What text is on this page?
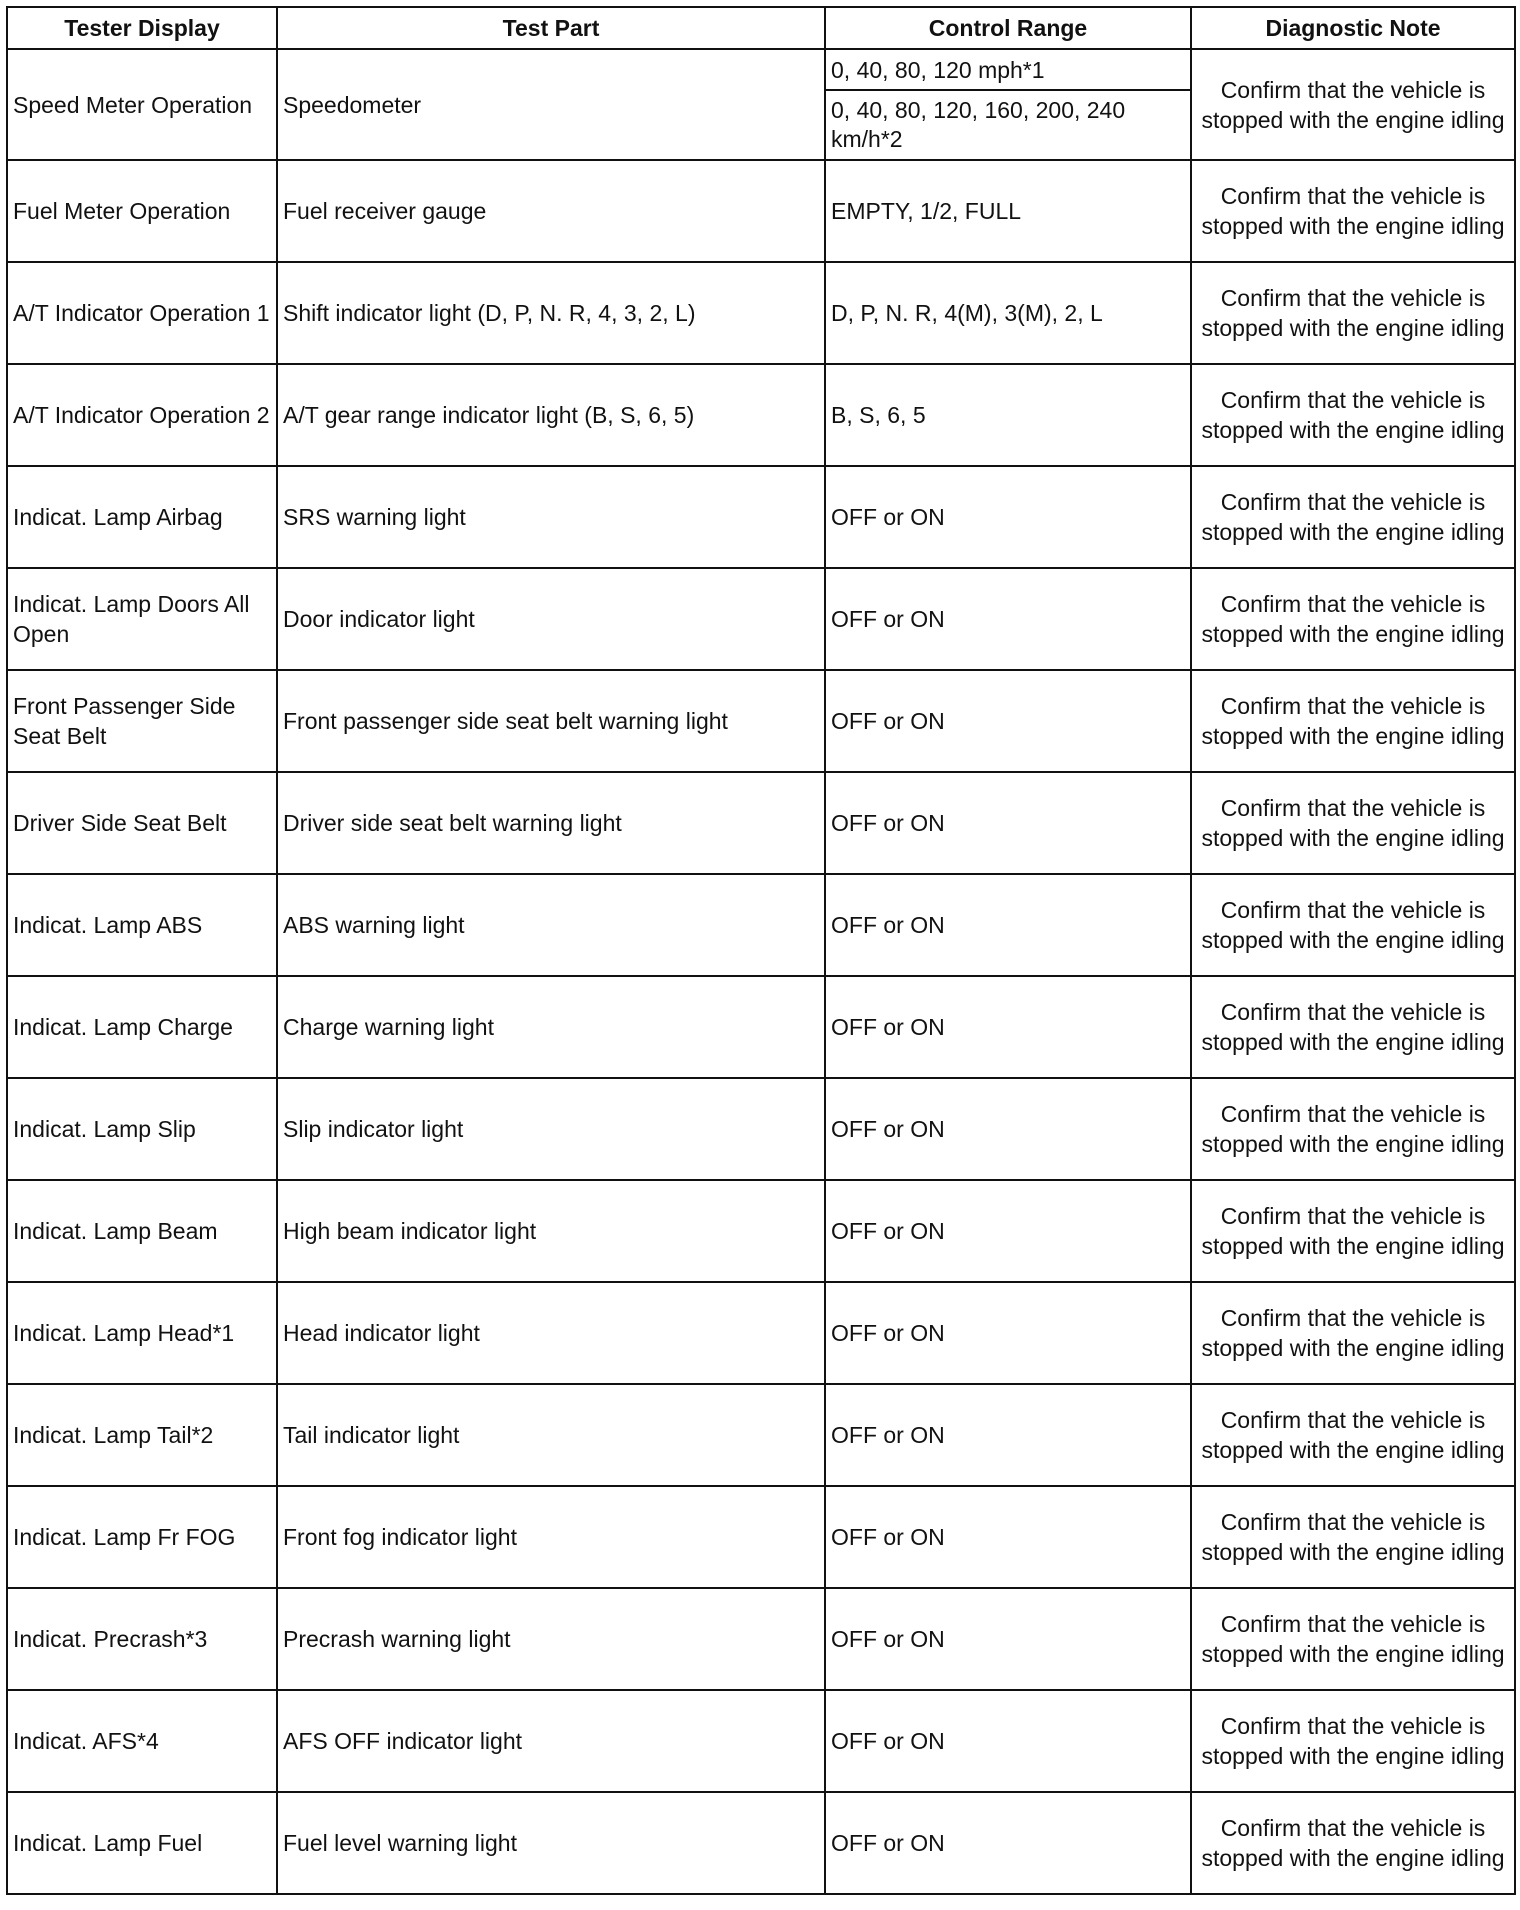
Tester Display	Test Part	Control Range	Diagnostic Note
Speed Meter Operation	Speedometer	0, 40, 80, 120 mph*1	Confirm that the vehicle is stopped with the engine idling
		0, 40, 80, 120, 160, 200, 240 km/h*2	
Fuel Meter Operation	Fuel receiver gauge	EMPTY, 1/2, FULL	Confirm that the vehicle is stopped with the engine idling
A/T Indicator Operation 1	Shift indicator light (D, P, N. R, 4, 3, 2, L)	D, P, N. R, 4(M), 3(M), 2, L	Confirm that the vehicle is stopped with the engine idling
A/T Indicator Operation 2	A/T gear range indicator light (B, S, 6, 5)	B, S, 6, 5	Confirm that the vehicle is stopped with the engine idling
Indicat. Lamp Airbag	SRS warning light	OFF or ON	Confirm that the vehicle is stopped with the engine idling
Indicat. Lamp Doors All Open	Door indicator light	OFF or ON	Confirm that the vehicle is stopped with the engine idling
Front Passenger Side Seat Belt	Front passenger side seat belt warning light	OFF or ON	Confirm that the vehicle is stopped with the engine idling
Driver Side Seat Belt	Driver side seat belt warning light	OFF or ON	Confirm that the vehicle is stopped with the engine idling
Indicat. Lamp ABS	ABS warning light	OFF or ON	Confirm that the vehicle is stopped with the engine idling
Indicat. Lamp Charge	Charge warning light	OFF or ON	Confirm that the vehicle is stopped with the engine idling
Indicat. Lamp Slip	Slip indicator light	OFF or ON	Confirm that the vehicle is stopped with the engine idling
Indicat. Lamp Beam	High beam indicator light	OFF or ON	Confirm that the vehicle is stopped with the engine idling
Indicat. Lamp Head*1	Head indicator light	OFF or ON	Confirm that the vehicle is stopped with the engine idling
Indicat. Lamp Tail*2	Tail indicator light	OFF or ON	Confirm that the vehicle is stopped with the engine idling
Indicat. Lamp Fr FOG	Front fog indicator light	OFF or ON	Confirm that the vehicle is stopped with the engine idling
Indicat. Precrash*3	Precrash warning light	OFF or ON	Confirm that the vehicle is stopped with the engine idling
Indicat. AFS*4	AFS OFF indicator light	OFF or ON	Confirm that the vehicle is stopped with the engine idling
Indicat. Lamp Fuel	Fuel level warning light	OFF or ON	Confirm that the vehicle is stopped with the engine idling
